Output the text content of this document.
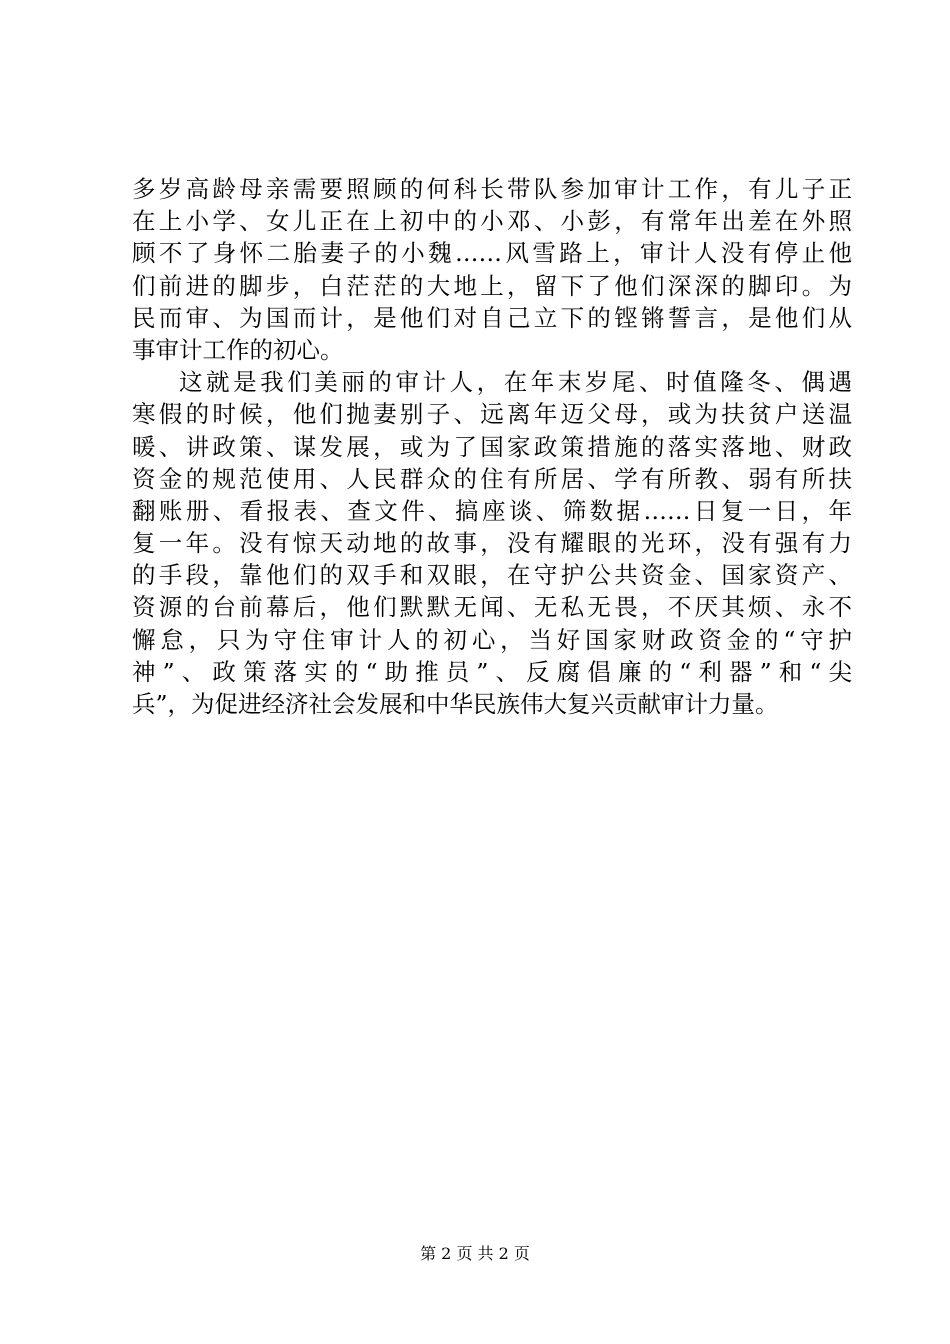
多岁高龄母亲需要照顾的何科长带队参加审计工作，有儿子正
在上小学、女儿正在上初中的小邓、小彭，有常年出差在外照
顾不了身怀二胎妻子的小魏……风雪路上，审计人没有停止他
们前进的脚步，白茫茫的大地上，留下了他们深深的脚印。为
民而审、为国而计，是他们对自己立下的铿锵誓言，是他们从
事审计工作的初心。
这就是我们美丽的审计人，在年末岁尾、时值隆冬、偶遇
寒假的时候，他们抛妻别子、远离年迈父母，或为扶贫户送温
暖、讲政策、谋发展，或为了国家政策措施的落实落地、财政
资金的规范使用、人民群众的住有所居、学有所教、弱有所扶
翻账册、看报表、查文件、搞座谈、筛数据……日复一日，年
复一年。没有惊天动地的故事，没有耀眼的光环，没有强有力
的手段，靠他们的双手和双眼，在守护公共资金、国家资产、
资源的台前幕后，他们默默无闻、无私无畏，不厌其烦、永不
懈怠，只为守住审计人的初心，当好国家财政资金的“守护
神”、政策落实的“助推员”、反腐倡廉的“利器”和“尖
兵”，为促进经济社会发展和中华民族伟大复兴贡献审计力量。
第 2 页 共 2 页
